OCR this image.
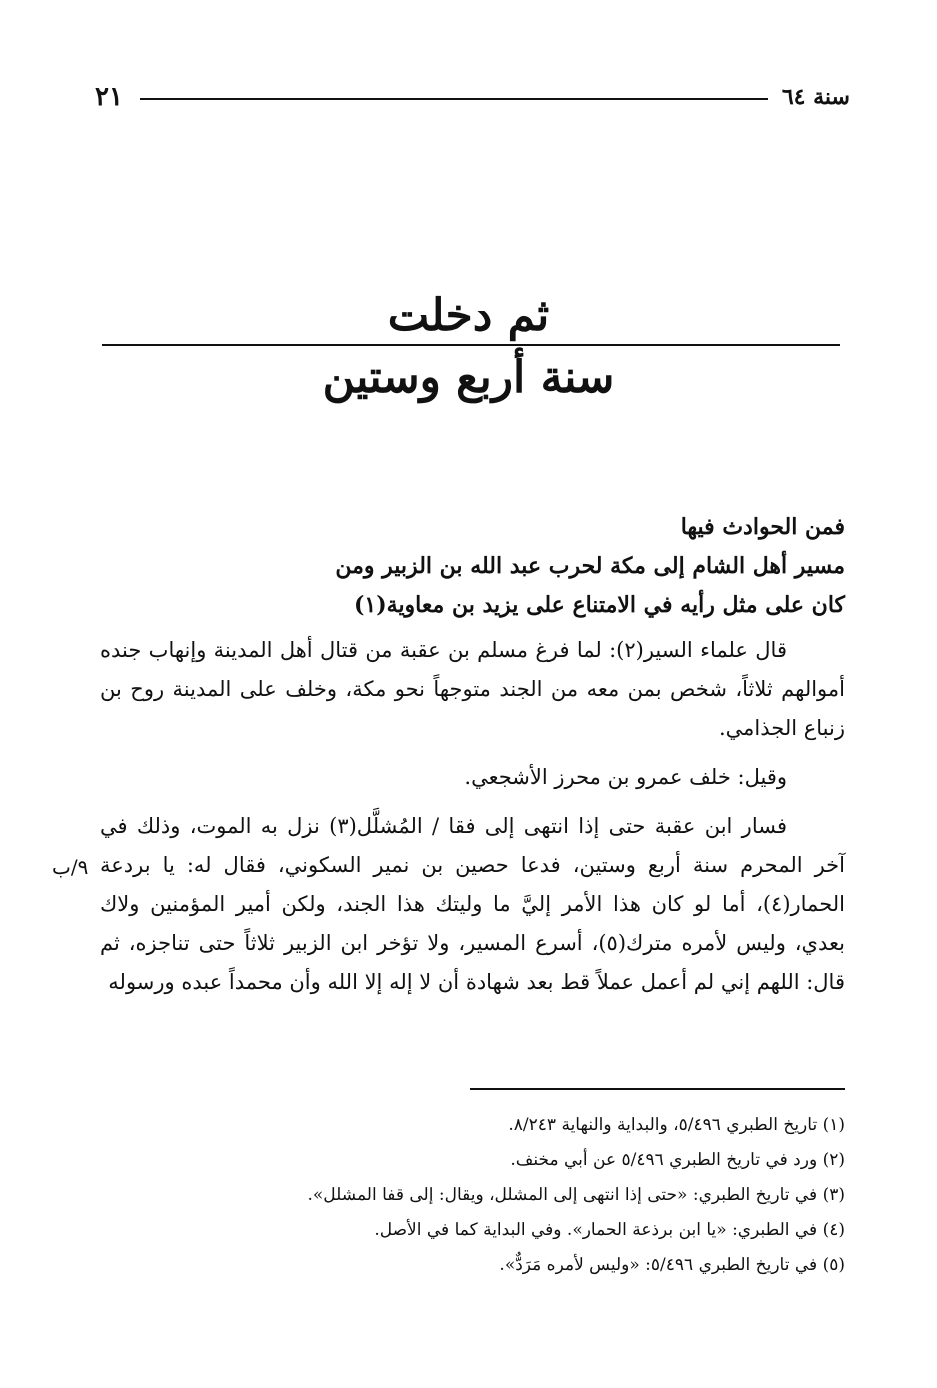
٢١	سنة ٦٤
ثم دخلت
سنة أربع وستين
فمن الحوادث فيها
مسير أهل الشام إلى مكة لحرب عبد الله بن الزبير ومن
كان على مثل رأيه في الامتناع على يزيد بن معاوية(١)

قال علماء السير(٢): لما فرغ مسلم بن عقبة من قتال أهل المدينة وإنهاب جنده أموالهم ثلاثاً، شخص بمن معه من الجند متوجهاً نحو مكة، وخلف على المدينة روح بن زنباع الجذامي.

وقيل: خلف عمرو بن محرز الأشجعي.

فسار ابن عقبة حتى إذا انتهى إلى فقا / المُشلَّل(٣) نزل به الموت، وذلك في آخر المحرم سنة أربع وستين، فدعا حصين بن نمير السكوني، فقال له: يا بردعة الحمار(٤)، أما لو كان هذا الأمر إليَّ ما وليتك هذا الجند، ولكن أمير المؤمنين ولاك بعدي، وليس لأمره مترك(٥)، أسرع المسير، ولا تؤخر ابن الزبير ثلاثاً حتى تناجزه، ثم قال: اللهم إني لم أعمل عملاً قط بعد شهادة أن لا إله إلا الله وأن محمداً عبده ورسوله

٩/ب
(١) تاريخ الطبري ٥/٤٩٦، والبداية والنهاية ٨/٢٤٣.
(٢) ورد في تاريخ الطبري ٥/٤٩٦ عن أبي مخنف.
(٣) في تاريخ الطبري: «حتى إذا انتهى إلى المشلل، ويقال: إلى قفا المشلل».
(٤) في الطبري: «يا ابن برذعة الحمار». وفي البداية كما في الأصل.
(٥) في تاريخ الطبري ٥/٤٩٦: «وليس لأمره مَرَدٌّ».
